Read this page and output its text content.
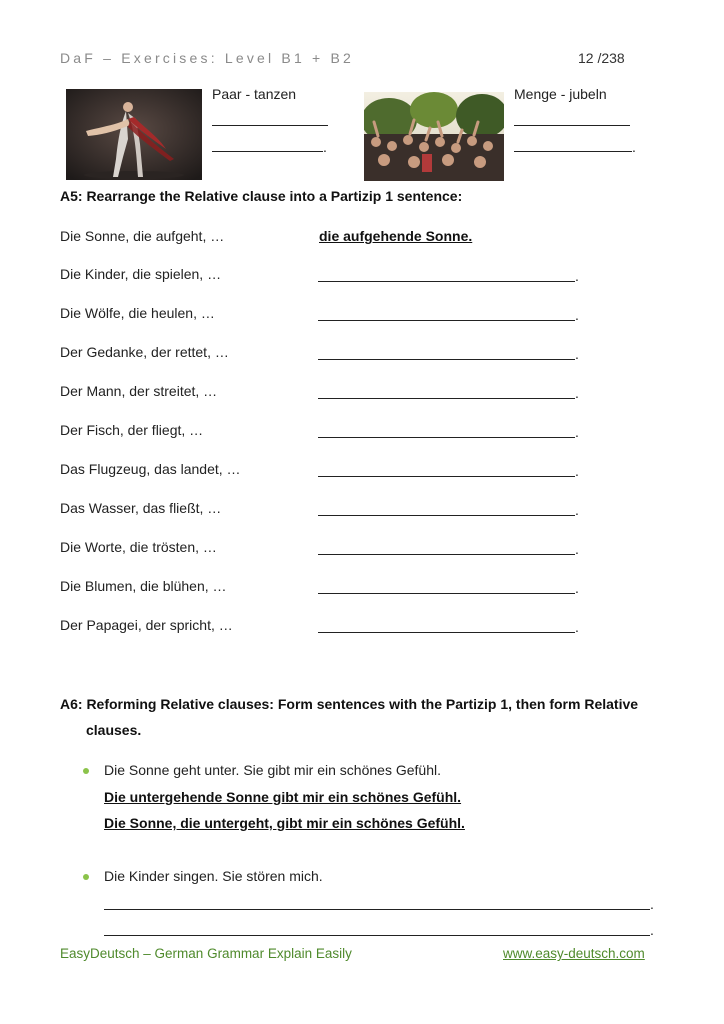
DaF – Exercises: Level B1 + B2	12 /238
Paar - tanzen
.
Menge - jubeln
.
A5: Rearrange the Relative clause into a Partizip 1 sentence:
Die Sonne, die aufgeht, …	die aufgehende Sonne.
Die Kinder, die spielen, …	.
Die Wölfe, die heulen, …	.
Der Gedanke, der rettet, …	.
Der Mann, der streitet, …	.
Der Fisch, der fliegt, …	.
Das Flugzeug, das landet, …	.
Das Wasser, das fließt, …	.
Die Worte, die trösten, …	.
Die Blumen, die blühen, …	.
Der Papagei, der spricht, …	.
A6: Reforming Relative clauses: Form sentences with the Partizip 1, then form Relative
clauses.
Die Sonne geht unter. Sie gibt mir ein schönes Gefühl.
Die untergehende Sonne gibt mir ein schönes Gefühl.
Die Sonne, die untergeht, gibt mir ein schönes Gefühl.
Die Kinder singen. Sie stören mich.
.
.
EasyDeutsch – German Grammar Explain Easily	www.easy-deutsch.com
